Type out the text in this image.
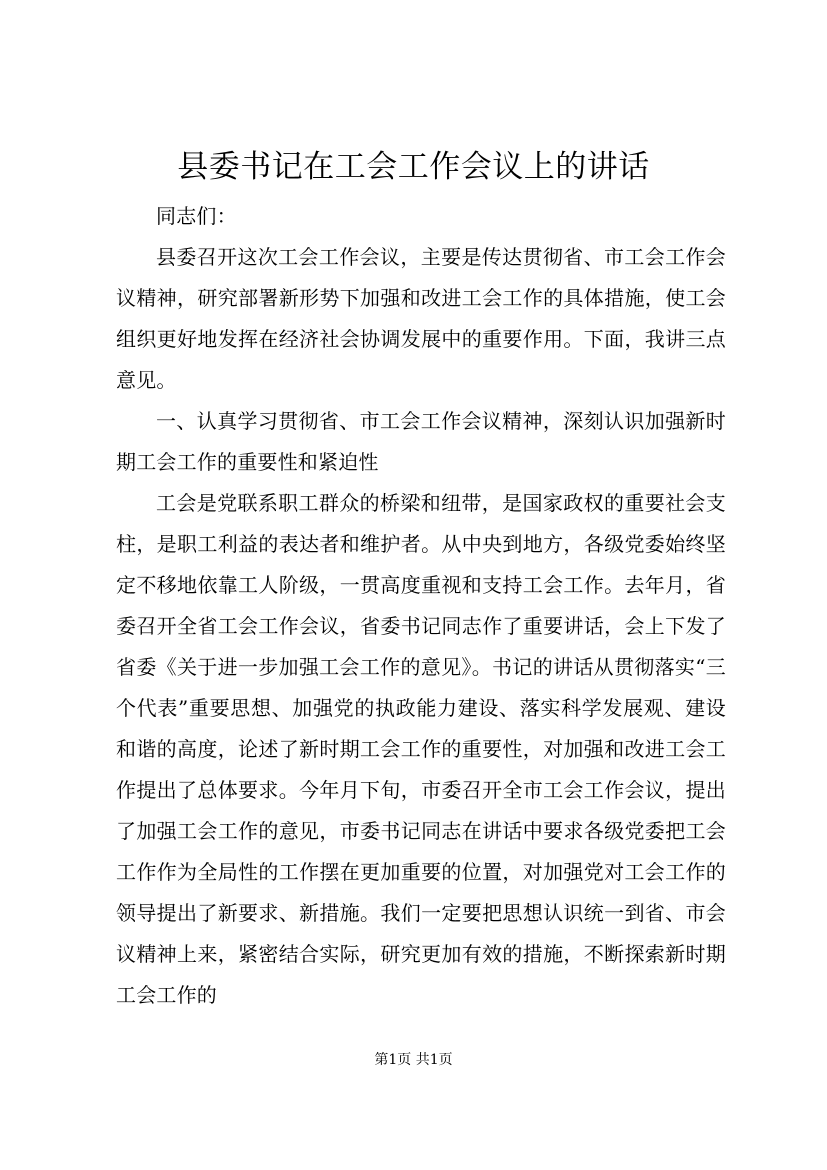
县委书记在工会工作会议上的讲话

同志们：

县委召开这次工会工作会议，主要是传达贯彻省、市工会工作会议精神，研究部署新形势下加强和改进工会工作的具体措施，使工会组织更好地发挥在经济社会协调发展中的重要作用。下面，我讲三点意见。

一、认真学习贯彻省、市工会工作会议精神，深刻认识加强新时期工会工作的重要性和紧迫性

工会是党联系职工群众的桥梁和纽带，是国家政权的重要社会支柱，是职工利益的表达者和维护者。从中央到地方，各级党委始终坚定不移地依靠工人阶级，一贯高度重视和支持工会工作。去年月，省委召开全省工会工作会议，省委书记同志作了重要讲话，会上下发了省委《关于进一步加强工会工作的意见》。书记的讲话从贯彻落实“三个代表”重要思想、加强党的执政能力建设、落实科学发展观、建设和谐的高度，论述了新时期工会工作的重要性，对加强和改进工会工作提出了总体要求。今年月下旬，市委召开全市工会工作会议，提出了加强工会工作的意见，市委书记同志在讲话中要求各级党委把工会工作作为全局性的工作摆在更加重要的位置，对加强党对工会工作的领导提出了新要求、新措施。我们一定要把思想认识统一到省、市会议精神上来，紧密结合实际，研究更加有效的措施，不断探索新时期工会工作的

第1页 共1页
